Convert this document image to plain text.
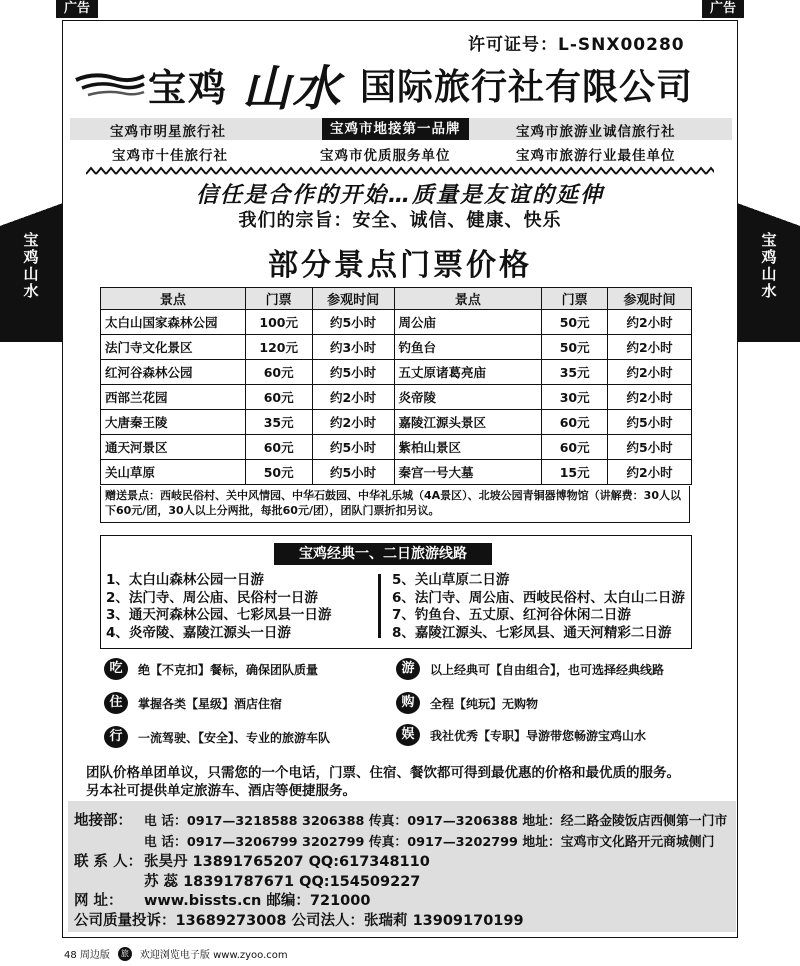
广告	广告
宝
鸡
山
水
宝
鸡
山
水
许可证号：L-SNX00280
宝鸡 山水 国际旅行社有限公司
宝鸡市明星旅行社	宝鸡市地接第一品牌	宝鸡市旅游业诚信旅行社
宝鸡市十佳旅行社	宝鸡市优质服务单位	宝鸡市旅游行业最佳单位
信任是合作的开始…质量是友谊的延伸
我们的宗旨：安全、诚信、健康、快乐
部分景点门票价格
景点	门票	参观时间	景点	门票	参观时间
太白山国家森林公园	100元	约5小时	周公庙	50元	约2小时
法门寺文化景区	120元	约3小时	钓鱼台	50元	约2小时
红河谷森林公园	60元	约5小时	五丈原诸葛亮庙	35元	约2小时
西部兰花园	60元	约2小时	炎帝陵	30元	约2小时
大唐秦王陵	35元	约2小时	嘉陵江源头景区	60元	约5小时
通天河景区	60元	约5小时	紫柏山景区	60元	约5小时
关山草原	50元	约5小时	秦宫一号大墓	15元	约2小时
赠送景点：西岐民俗村、关中风情园、中华石鼓园、中华礼乐城（4A景区）、北坡公园青铜器博物馆（讲解费：30人以下60元/团，30人以上分两批，每批60元/团），团队门票折扣另议。
宝鸡经典一、二日旅游线路
1、太白山森林公园一日游
2、法门寺、周公庙、民俗村一日游
3、通天河森林公园、七彩凤县一日游
4、炎帝陵、嘉陵江源头一日游
5、关山草原二日游
6、法门寺、周公庙、西岐民俗村、太白山二日游
7、钓鱼台、五丈原、红河谷休闲二日游
8、嘉陵江源头、七彩凤县、通天河精彩二日游
吃	绝【不克扣】餐标，确保团队质量
住	掌握各类【星级】酒店住宿
行	一流驾驶、【安全】、专业的旅游车队
游	以上经典可【自由组合】，也可选择经典线路
购	全程【纯玩】无购物
娱	我社优秀【专职】导游带您畅游宝鸡山水
团队价格单团单议，只需您的一个电话，门票、住宿、餐饮都可得到最优惠的价格和最优质的服务。
另本社可提供单定旅游车、酒店等便捷服务。
地接部： 电 话：0917—3218588 3206388 传真：0917—3206388 地址：经二路金陵饭店西侧第一门市
电 话：0917—3206799 3202799 传真：0917—3202799 地址：宝鸡市文化路开元商城侧门
联 系 人： 张昊丹 13891765207 QQ:617348110
苏 蕊 18391787671 QQ:154509227
网 址： www.bissts.cn 邮编：721000
公司质量投诉：13689273008 公司法人：张瑞莉 13909170199
48 周边版	旅	欢迎浏览电子版 www.zyoo.com
